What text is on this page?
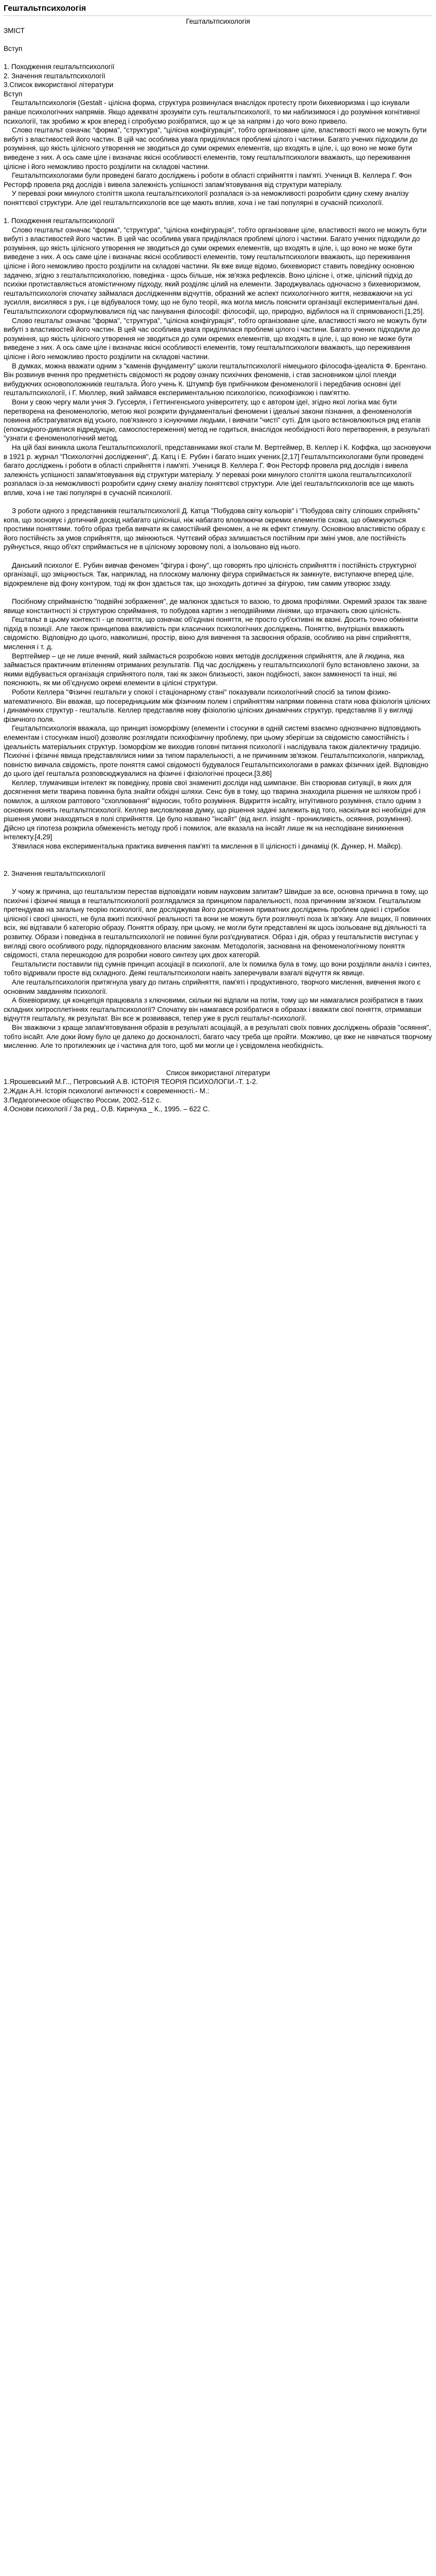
Гештальтпсихологія
Гештальтпсихологія
ЗМІСТ
Вступ
1. Походження гештальтпсихології
2. Значення гештальтпсихології
3.Список використаної літератури
Вступ

Гештальтпсихологія (Gestalt - цілісна форма, структура розвинулася внаслідок протесту проти бихевиоризма і що існували раніше психологічних напрямів. Якщо адекватні зрозуміти суть гештальтпсихології, то ми наблизимося і до розуміння когнітивної психології, так зробимо ж крок вперед і спробуємо розібратися, що ж це за напрям і до чого воно привело.

Слово гештальт означає "форма", "структура", "цілісна конфігурація", тобто організоване ціле, властивості якого не можуть бути вибуті з властивостей його частин. В цій час особлива увага приділялася проблемі цілого і частини. Багато учених підходили до розуміння, що якість цілісного утворення не зводиться до суми окремих елементів, що входять в ціле, і, що воно не може бути виведене з них. А ось саме ціле і визначає якісні особливості елементів, тому гештальтпсихологи вважають, що переживання цілісне і його неможливо просто розділити на складові частини.

Гештальтпсихологами були проведені багато досліджень і роботи в області сприйняття і пам'яті. Учениця В. Келлера Г. Фон Ресторф провела ряд дослідів і вивела залежність успішності запам'ятовування від структури матеріалу.

У перевазі роки минулого століття школа гештальтпсихології розпалася із-за неможливості розробити єдину схему аналізу поняттєвої структури. Але ідеї гештальтпсихологів все ще мають вплив, хоча і не такі популярні в сучасній психології.

1. Походження гештальтпсихології

Слово гештальт означає "форма", "структура", "цілісна конфігурація", тобто організоване ціле, властивості якого не можуть бути вибуті з властивостей його частин. В цей час особлива увага приділялася проблемі цілого і частини. Багато учених підходили до розуміння, що якість цілісного утворення не зводиться до суми окремих елементів, що входять в ціле, і, що воно не може бути виведене з них. А ось саме ціле і визначає якісні особливості елементів, тому гештальтпсихологи вважають, що переживання цілісне і його неможливо просто розділити на складові частини. Як вже вище відомо, бихевиорист ставить поведінку основною задачею, згідно з гештальтпсихологією, поведінка - щось більше, ніж зв'язка рефлексів. Воно цілісне і, отже, цілісний підхід до психіки протиставляється атомістичному підходу, який розділяє цілий на елементи. Зароджувалась одночасно з бихевиоризмом, гештальтпсихологія спочатку займалася дослідженням відчуттів, образний же аспект психологічного життя, незважаючи на усі зусилля, висилявся з рук, і це відбувалося тому, що не було теорії, яка могла мисль пояснити організації експериментальні дані. Гештальтпсихологи сформулювалися під час панування філософії: філософії, що, природно, відбилося на її спрямованості.[1,25].

Слово гештальт означає "форма", "структура", "цілісна конфігурація", тобто організоване ціле, властивості якого не можуть бути вибуті з властивостей його частин. В цей час особлива увага приділялася проблемі цілого і частини. Багато учених підходили до розуміння, що якість цілісного утворення не зводиться до суми окремих елементів, що входять в ціле, і, що воно не може бути виведене з них. А ось саме ціле і визначає якісні особливості елементів, тому гештальтпсихологи вважають, що переживання цілісне і його неможливо просто розділити на складові частини.

В думках, можна вважати одним з "каменів фундаменту" школи гештальтпсихології німецького філософа-ідеаліста Ф. Брентано. Він розвинув вчення про предметність свідомості як родову ознаку психічних феноменів, і став засновником цілої плеяди вибудуючих основоположників гештальта. Його учень К. Штумпф був прибічником феноменології і передбачив основні ідеї гештальтпсихології, і Г. Мюллер, який займався експериментальною психологією, психофізикою і пам'яттю.

Вони у свою чергу мали учня Э. Гуссерля, і Геттингенського університету, що є автором ідеї, згідно якої логіка має бути перетворена на феноменологію, метою якої розкрити фундаментальні феномени і ідеальні закони пізнання, а феноменологія повинна абстрагуватися від усього, пов'язаного з існуючими людьми, і вивчати "чисті" суті. Для цього встановлюються ряд етапів (епоксидного-дивлися відредукцію, самоспостереження) метод не годиться, внаслідок необхідності його перетворення, в результаті "узнати є феноменологічний метод.

На цій базі виникла школа Гештальтпсихології, представниками якої стали М. Вертгеймер, В. Келлер і К. Коффка, що засновуючи в 1921 р. журнал "Психологічні дослідження", Д. Катц і Е. Рубин і багато інших учених.[2,17] Гештальтпсихологами були проведені багато досліджень і роботи в області сприйняття і пам'яті. Учениця В. Келлера Г. Фон Ресторф провела ряд дослідів і вивела залежність успішності запам'ятовування від структури матеріалу. У перевазі роки минулого століття школа гештальтпсихології розпалася із-за неможливості розробити єдину схему аналізу поняттєвої структури. Але ідеї гештальтпсихологів все ще мають вплив, хоча і не такі популярні в сучасній психології.

З роботи одного з представників гештальтпсихології Д. Катца "Побудова світу кольорів" і "Побудова світу сліпоших сприйнять" копа, що зосновує і дотичний досвід набагато цілісніші, ніж набагато вловлюючи окремих елементів схожа, що обмежуються простими поняттями. тобто образ треба вивчати як самостійний феномен, а не як ефект стимулу. Основною властивістю образу є його постійність за умов сприйняття, що змінюються. Чуттєвий образ залишається постійним при зміні умов, але постійність руйнується, якщо об'єкт сприймається не в цілісному зоровому полі, а ізольовано від нього.

Данський психолог Е. Рубин вивчав феномен "фігура і фону", що говорять про цілісність сприйняття і постійність структурної організації, що зміцнюється. Так, наприклад, на плоскому малюнку фігура сприймається як замкнуте, виступаюче вперед ціле, відокремлене від фону контуром, тоді як фон здається так, що зноходить дотичні за фігурою, тим самим утворює ззаду.

Посібному сприйманістю "подвійні зображення", де малюнок здається то вазою, то двома профілями. Окремий зразок так зване явище константності зі структурою сприймання, то побудова картин з неподвійними лініями, що втрачають свою цілісність.

Гештальт в цьому контексті - це поняття, що означає об'єднані поняття, не просто суб'єктивні як вазні. Досить точно обміняти підхід в позиції. Але також принципова важливість при класичних психологічних досліджень. Поняттю, внутрішніх вважають свідомістю. Відповідно до цього, навколишні, простір, вікно для вивчення та засвоєння образів, особливо на рівні сприйняття, мислення і т. д.

Вертгеймер – це не лише вчений, який займається розробкою нових методів дослідження сприйняття, але й людина, яка займається практичним втіленням отриманих результатів. Під час досліджень у гештальтпсихології було встановлено закони, за якими відбувається організація сприйнятого поля, такі як закон близькості, закон подібності, закон замкненості та інші, які пояснюють, як ми об'єднуємо окремі елементи в цілісні структури.

Роботи Келлера "Фізичні гештальти у спокої і стаціонарному стані" показували психологічний спосіб за типом фізико-математичного. Він вважав, що посередницьким між фізичним полем і сприйняттям напрями повинна стати нова фізіологія цілісних і динамічних структур - гештальтів. Келлер представляв нову фізіологію цілісних динамічних структур, представляв її у вигляді фізичного поля.

Гештальтпсихологія вважала, що принцип ізоморфізму (елементи і стосунки в одній системі взаємно однозначно відповідають елементам і стосункам іншої) дозволяє розглядати психофізичну проблему, при цьому зберігши за свідомістю самостійність і ідеальність матеріальних структур. Ізоморфізм же виходив головні питання психології і наслідувала також діалектичну традицію. Психічні і фізичні явища представлялися ними за типом паралельності, а не причинним зв'язком. Гештальтпсихологія, наприклад, повністю вивчала свідомість, проте поняття самої свідомості будувалося Гештальтпсихологами в рамках фізичних ідей. Відповідно до цього ідеї гештальта розповсюджувалися на фізичні і фізіологічні процеси.[3,86]

Келлер, тлумачивши інтелект як поведінку, провів свої знамениті досліди над шимпанзе. Він створював ситуації, в яких для досягнення мети тварина повинна була знайти обхідні шляхи. Сенс був в тому, що тварина знаходила рішення не шляхом проб і помилок, а шляхом раптового "схоплювання" відносин, тобто розуміння. Відкриття інсайту, інтуїтивного розуміння, стало одним з основних понять гештальтпсихології. Келлер висловлював думку, що рішення задачі залежить від того, наскільки всі необхідні для рішення умови знаходяться в полі сприйняття. Це було названо "інсайт" (від англ. insight - проникливість, осяяння, розуміння). Дійсно ця гіпотеза розкрила обмеженість методу проб і помилок, але вказала на інсайт лише як на несподіване виникнення інтелекту.[4,29]

З'явилася нова експериментальна практика вивчення пам'яті та мислення в її цілісності і динаміці (К. Дункер, Н. Майєр).

2. Значення гештальтпсихології

У чому ж причина, що гештальтизм перестав відповідати новим науковим запитам? Швидше за все, основна причина в тому, що психічні і фізичні явища в гештальтпсихології розглядалися за принципом паралельності, поза причинним зв'язком. Гештальтизм претендував на загальну теорію психології, але досліджував його досягнення приватних досліджень проблем однієї і стрибок цілісної і своєї цінності, не була вжиті психічної реальності та вони не можуть бути розглянуті поза їх зв'язку. Але вищих, її повинних всіх, які відтавали б категорію образу. Поняття образу, при цьому, не могли бути представлені як щось ізольоване від діяльності та розвитку. Образи і поведінка в гештальтпсихології не повинні були роз'єднуватися. Образ і дія, образ у гештальтистів виступає у вигляді свого особливого роду, підпорядкованого власним законам. Методологія, заснована на феноменологічному поняття свідомості, стала перешкодою для розробки нового синтезу цих двох категорій.

Гештальтисти поставили під сумнів принцип асоціації в психології, але їх помилка була в тому, що вони розділяли аналіз і синтез, тобто відривали просте від складного. Деякі гештальтпсихологи навіть заперечували взагалі відчуття як явище.

Але гештальтпсихологія притягнула увагу до питань сприйняття, пам'яті і продуктивного, творчого мислення, вивчення якого є основним завданням психології.

А біхевіоризму, ця концепція працювала з ключовими, скільки які відпали на потім, тому що ми намагалися розібратися в таких складних хитросплетіннях гештальтпсихології? Спочатку він намагався розібратися в образах і вважати свої поняття, отримавши відчуття гештальту, як результат. Він все ж розвивався, тепер уже в руслі гештальт-психології.

Він зважаючи з краще запам'ятовування образів в результаті асоціацій, а в результаті своїх повних досліджень образів "осяяння", тобто інсайт. Але доки йому було це далеко до досконалості, багато часу треба ще пройти. Можливо, це вже не навчаться творчому мисленню. Але то протилежних це і частина для того, щоб ми могли це і усвідомлена необхідність.

Список використаної літератури
1.Ярошевський М.Г.., Петровський А.В. ІСТОРІЯ ТЕОРІЯ ПСИХОЛОГІИ.-Т. 1-2.
2.Ждан А.Н. Історія психологиї античності к современності.- М.:
3.Педагогическое общество России, 2002.-512 с.
4.Основи психології / За ред., О,В. Киричука _ К., 1995. – 622 С.
